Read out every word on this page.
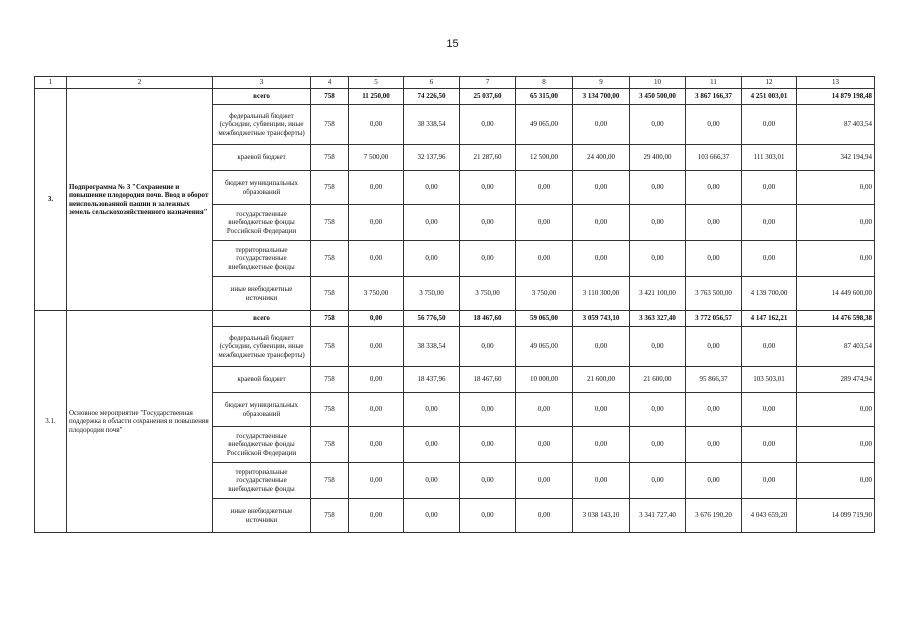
15
1	2	3	4	5	6	7	8	9	10	11	12	13
3.	Подпрограмма № 3 "Сохранение и повышение плодородия почв. Ввод в оборот неиспользованной пашни и залежных земель сельскохозяйственного назначения"	всего	758	11 250,00	74 226,50	25 037,60	65 315,00	3 134 700,00	3 450 500,00	3 867 166,37	4 251 003,01	14 879 198,48
		федеральный бюджет (субсидии, субвенции, иные межбюджетные трансферты)	758	0,00	38 338,54	0,00	49 065,00	0,00	0,00	0,00	0,00	87 403,54
		краевой бюджет	758	7 500,00	32 137,96	21 287,60	12 500,00	24 400,00	29 400,00	103 666,37	111 303,01	342 194,94
		бюджет муниципальных образований	758	0,00	0,00	0,00	0,00	0,00	0,00	0,00	0,00	0,00
		государственные внебюджетные фонды Российской Федерации	758	0,00	0,00	0,00	0,00	0,00	0,00	0,00	0,00	0,00
		территориальные государственные внебюджетные фонды	758	0,00	0,00	0,00	0,00	0,00	0,00	0,00	0,00	0,00
		иные внебюджетные источники	758	3 750,00	3 750,00	3 750,00	3 750,00	3 110 300,00	3 421 100,00	3 763 500,00	4 139 700,00	14 449 600,00
3.1.	Основное мероприятие "Государственная поддержка в области сохранения и повышения плодородия почв"	всего	758	0,00	56 776,50	18 467,60	59 065,00	3 059 743,10	3 363 327,40	3 772 056,57	4 147 162,21	14 476 598,38
		федеральный бюджет (субсидии, субвенции, иные межбюджетные трансферты)	758	0,00	38 338,54	0,00	49 065,00	0,00	0,00	0,00	0,00	87 403,54
		краевой бюджет	758	0,00	18 437,96	18 467,60	10 000,00	21 600,00	21 600,00	95 866,37	103 503,01	289 474,94
		бюджет муниципальных образований	758	0,00	0,00	0,00	0,00	0,00	0,00	0,00	0,00	0,00
		государственные внебюджетные фонды Российской Федерации	758	0,00	0,00	0,00	0,00	0,00	0,00	0,00	0,00	0,00
		территориальные государственные внебюджетные фонды	758	0,00	0,00	0,00	0,00	0,00	0,00	0,00	0,00	0,00
		иные внебюджетные источники	758	0,00	0,00	0,00	0,00	3 038 143,10	3 341 727,40	3 676 190,20	4 043 659,20	14 099 719,90
